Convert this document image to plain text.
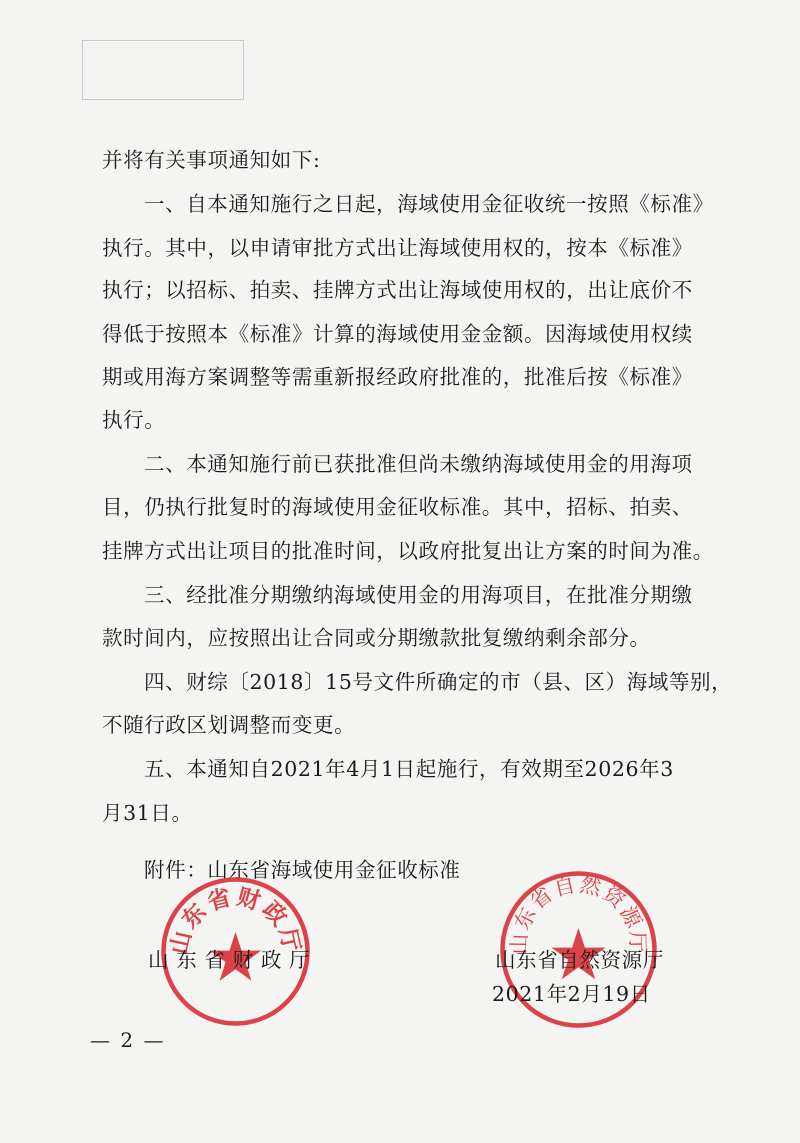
并将有关事项通知如下:
一、自本通知施行之日起，海域使用金征收统一按照《标准》
执行。其中，以申请审批方式出让海域使用权的，按本《标准》
执行；以招标、拍卖、挂牌方式出让海域使用权的，出让底价不
得低于按照本《标准》计算的海域使用金金额。因海域使用权续
期或用海方案调整等需重新报经政府批准的，批准后按《标准》
执行。
二、本通知施行前已获批准但尚未缴纳海域使用金的用海项
目，仍执行批复时的海域使用金征收标准。其中，招标、拍卖、
挂牌方式出让项目的批准时间，以政府批复出让方案的时间为准。
三、经批准分期缴纳海域使用金的用海项目，在批准分期缴
款时间内，应按照出让合同或分期缴款批复缴纳剩余部分。
四、财综〔2018〕15号文件所确定的市（县、区）海域等别，
不随行政区划调整而变更。
五、本通知自2021年4月1日起施行，有效期至2026年3
月31日。
附件：山东省海域使用金征收标准
山东省财政厅	山东省自然资源厅
山 东 省 财 政 厅	山东省自然资源厅
2021年2月19日
— 2 —
